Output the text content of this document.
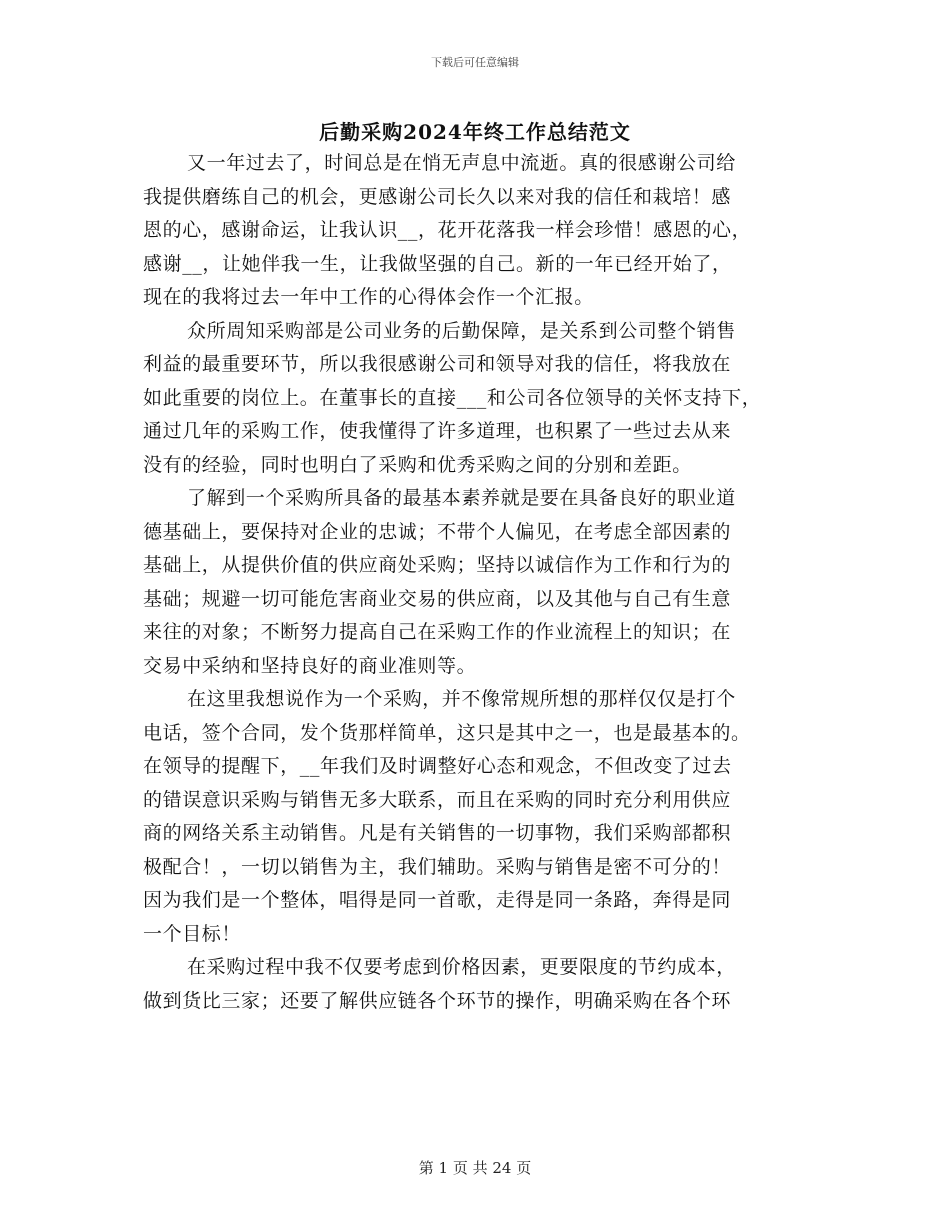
下载后可任意编辑
后勤采购2024年终工作总结范文
又一年过去了，时间总是在悄无声息中流逝。真的很感谢公司给
我提供磨练自己的机会，更感谢公司长久以来对我的信任和栽培！感
恩的心，感谢命运，让我认识__，花开花落我一样会珍惜！感恩的心，
感谢__，让她伴我一生，让我做坚强的自己。新的一年已经开始了，
现在的我将过去一年中工作的心得体会作一个汇报。
众所周知采购部是公司业务的后勤保障，是关系到公司整个销售
利益的最重要环节，所以我很感谢公司和领导对我的信任，将我放在
如此重要的岗位上。在董事长的直接___和公司各位领导的关怀支持下，
通过几年的采购工作，使我懂得了许多道理，也积累了一些过去从来
没有的经验，同时也明白了采购和优秀采购之间的分别和差距。
了解到一个采购所具备的最基本素养就是要在具备良好的职业道
德基础上，要保持对企业的忠诚；不带个人偏见，在考虑全部因素的
基础上，从提供价值的供应商处采购；坚持以诚信作为工作和行为的
基础；规避一切可能危害商业交易的供应商，以及其他与自己有生意
来往的对象；不断努力提高自己在采购工作的作业流程上的知识；在
交易中采纳和坚持良好的商业准则等。
在这里我想说作为一个采购，并不像常规所想的那样仅仅是打个
电话，签个合同，发个货那样简单，这只是其中之一，也是最基本的。
在领导的提醒下，__年我们及时调整好心态和观念，不但改变了过去
的错误意识采购与销售无多大联系，而且在采购的同时充分利用供应
商的网络关系主动销售。凡是有关销售的一切事物，我们采购部都积
极配合！，一切以销售为主，我们辅助。采购与销售是密不可分的！
因为我们是一个整体，唱得是同一首歌，走得是同一条路，奔得是同
一个目标！
在采购过程中我不仅要考虑到价格因素，更要限度的节约成本，
做到货比三家；还要了解供应链各个环节的操作，明确采购在各个环
第 1 页 共 24 页
